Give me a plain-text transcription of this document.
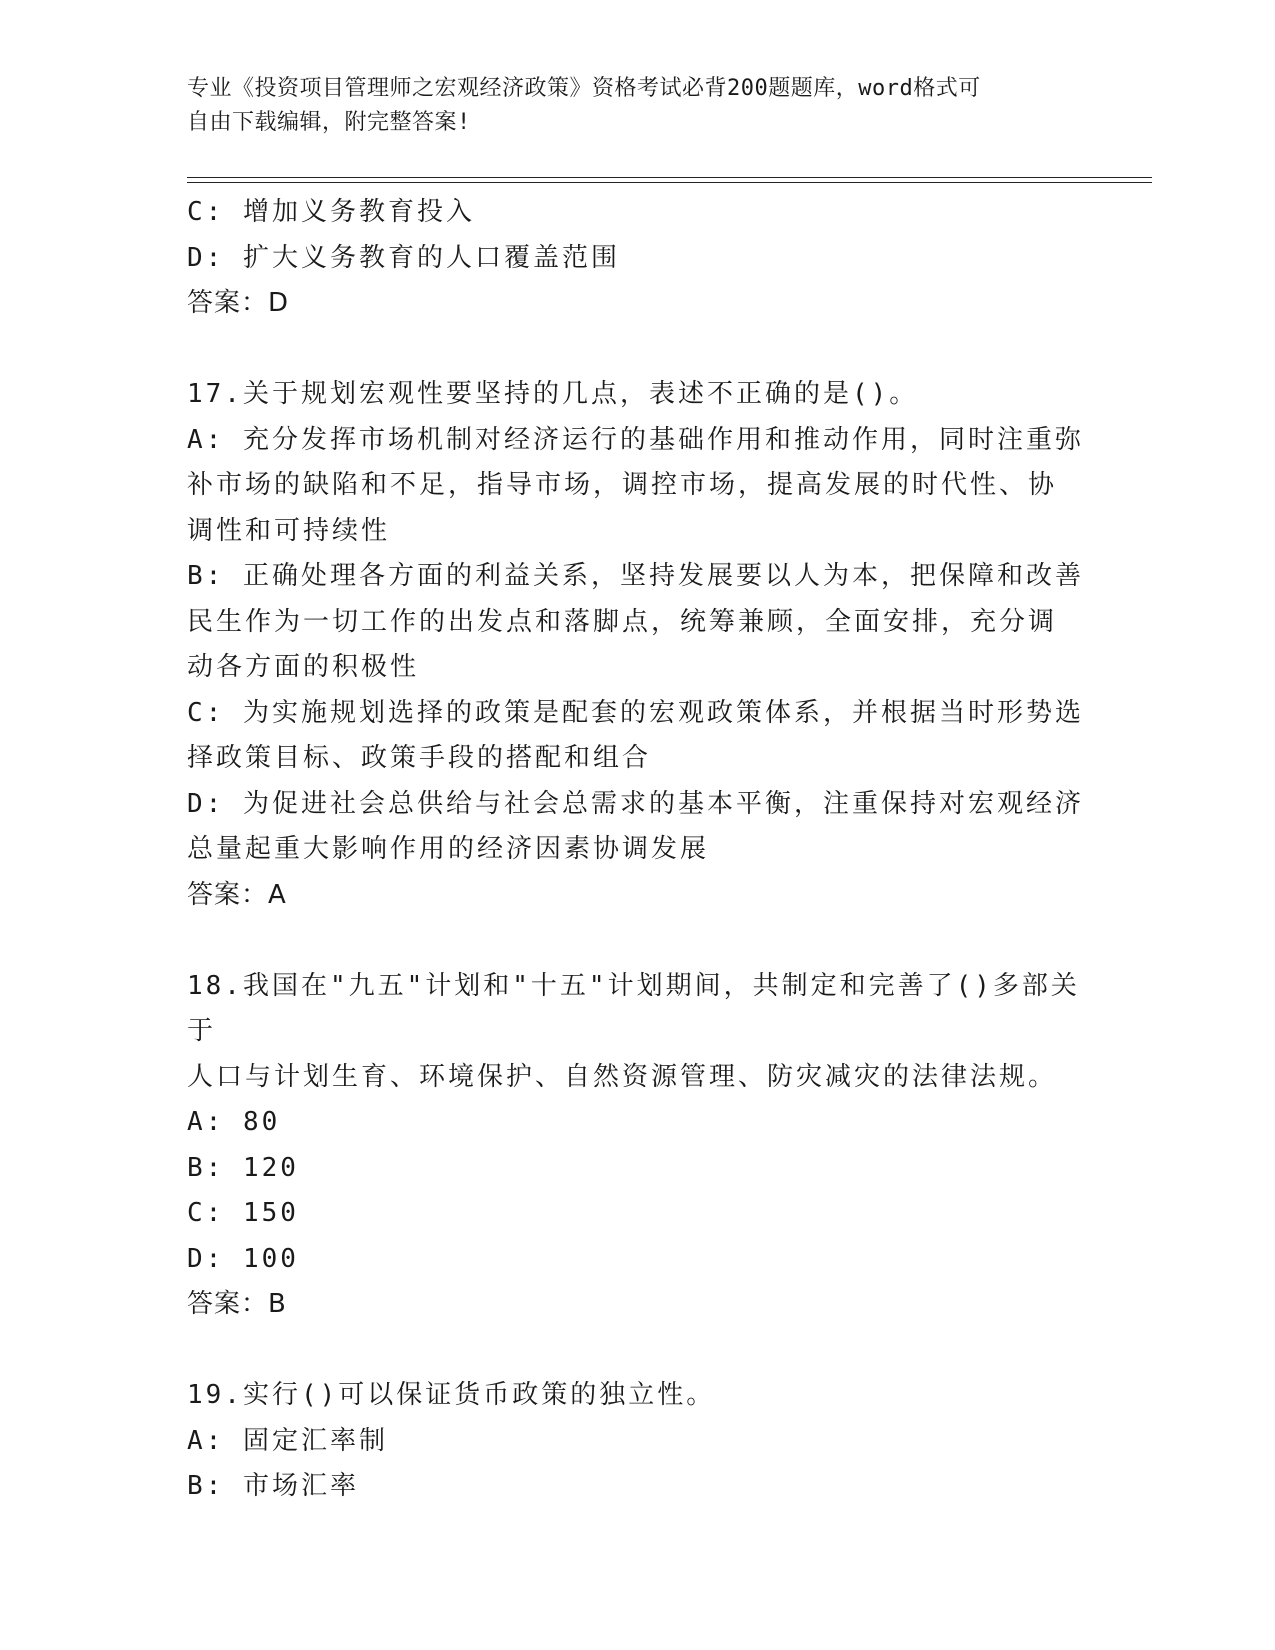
专业《投资项目管理师之宏观经济政策》资格考试必背200题题库，word格式可
自由下载编辑，附完整答案!

C: 增加义务教育投入

D: 扩大义务教育的人口覆盖范围

答案：D

17.关于规划宏观性要坚持的几点，表述不正确的是()。

A: 充分发挥市场机制对经济运行的基础作用和推动作用，同时注重弥

补市场的缺陷和不足，指导市场，调控市场，提高发展的时代性、协

调性和可持续性

B: 正确处理各方面的利益关系，坚持发展要以人为本，把保障和改善

民生作为一切工作的出发点和落脚点，统筹兼顾，全面安排，充分调

动各方面的积极性

C: 为实施规划选择的政策是配套的宏观政策体系，并根据当时形势选

择政策目标、政策手段的搭配和组合

D: 为促进社会总供给与社会总需求的基本平衡，注重保持对宏观经济

总量起重大影响作用的经济因素协调发展

答案：A

18.我国在"九五"计划和"十五"计划期间，共制定和完善了()多部关于

人口与计划生育、环境保护、自然资源管理、防灾减灾的法律法规。

A: 80

B: 120

C: 150

D: 100

答案：B

19.实行()可以保证货币政策的独立性。

A: 固定汇率制

B: 市场汇率
